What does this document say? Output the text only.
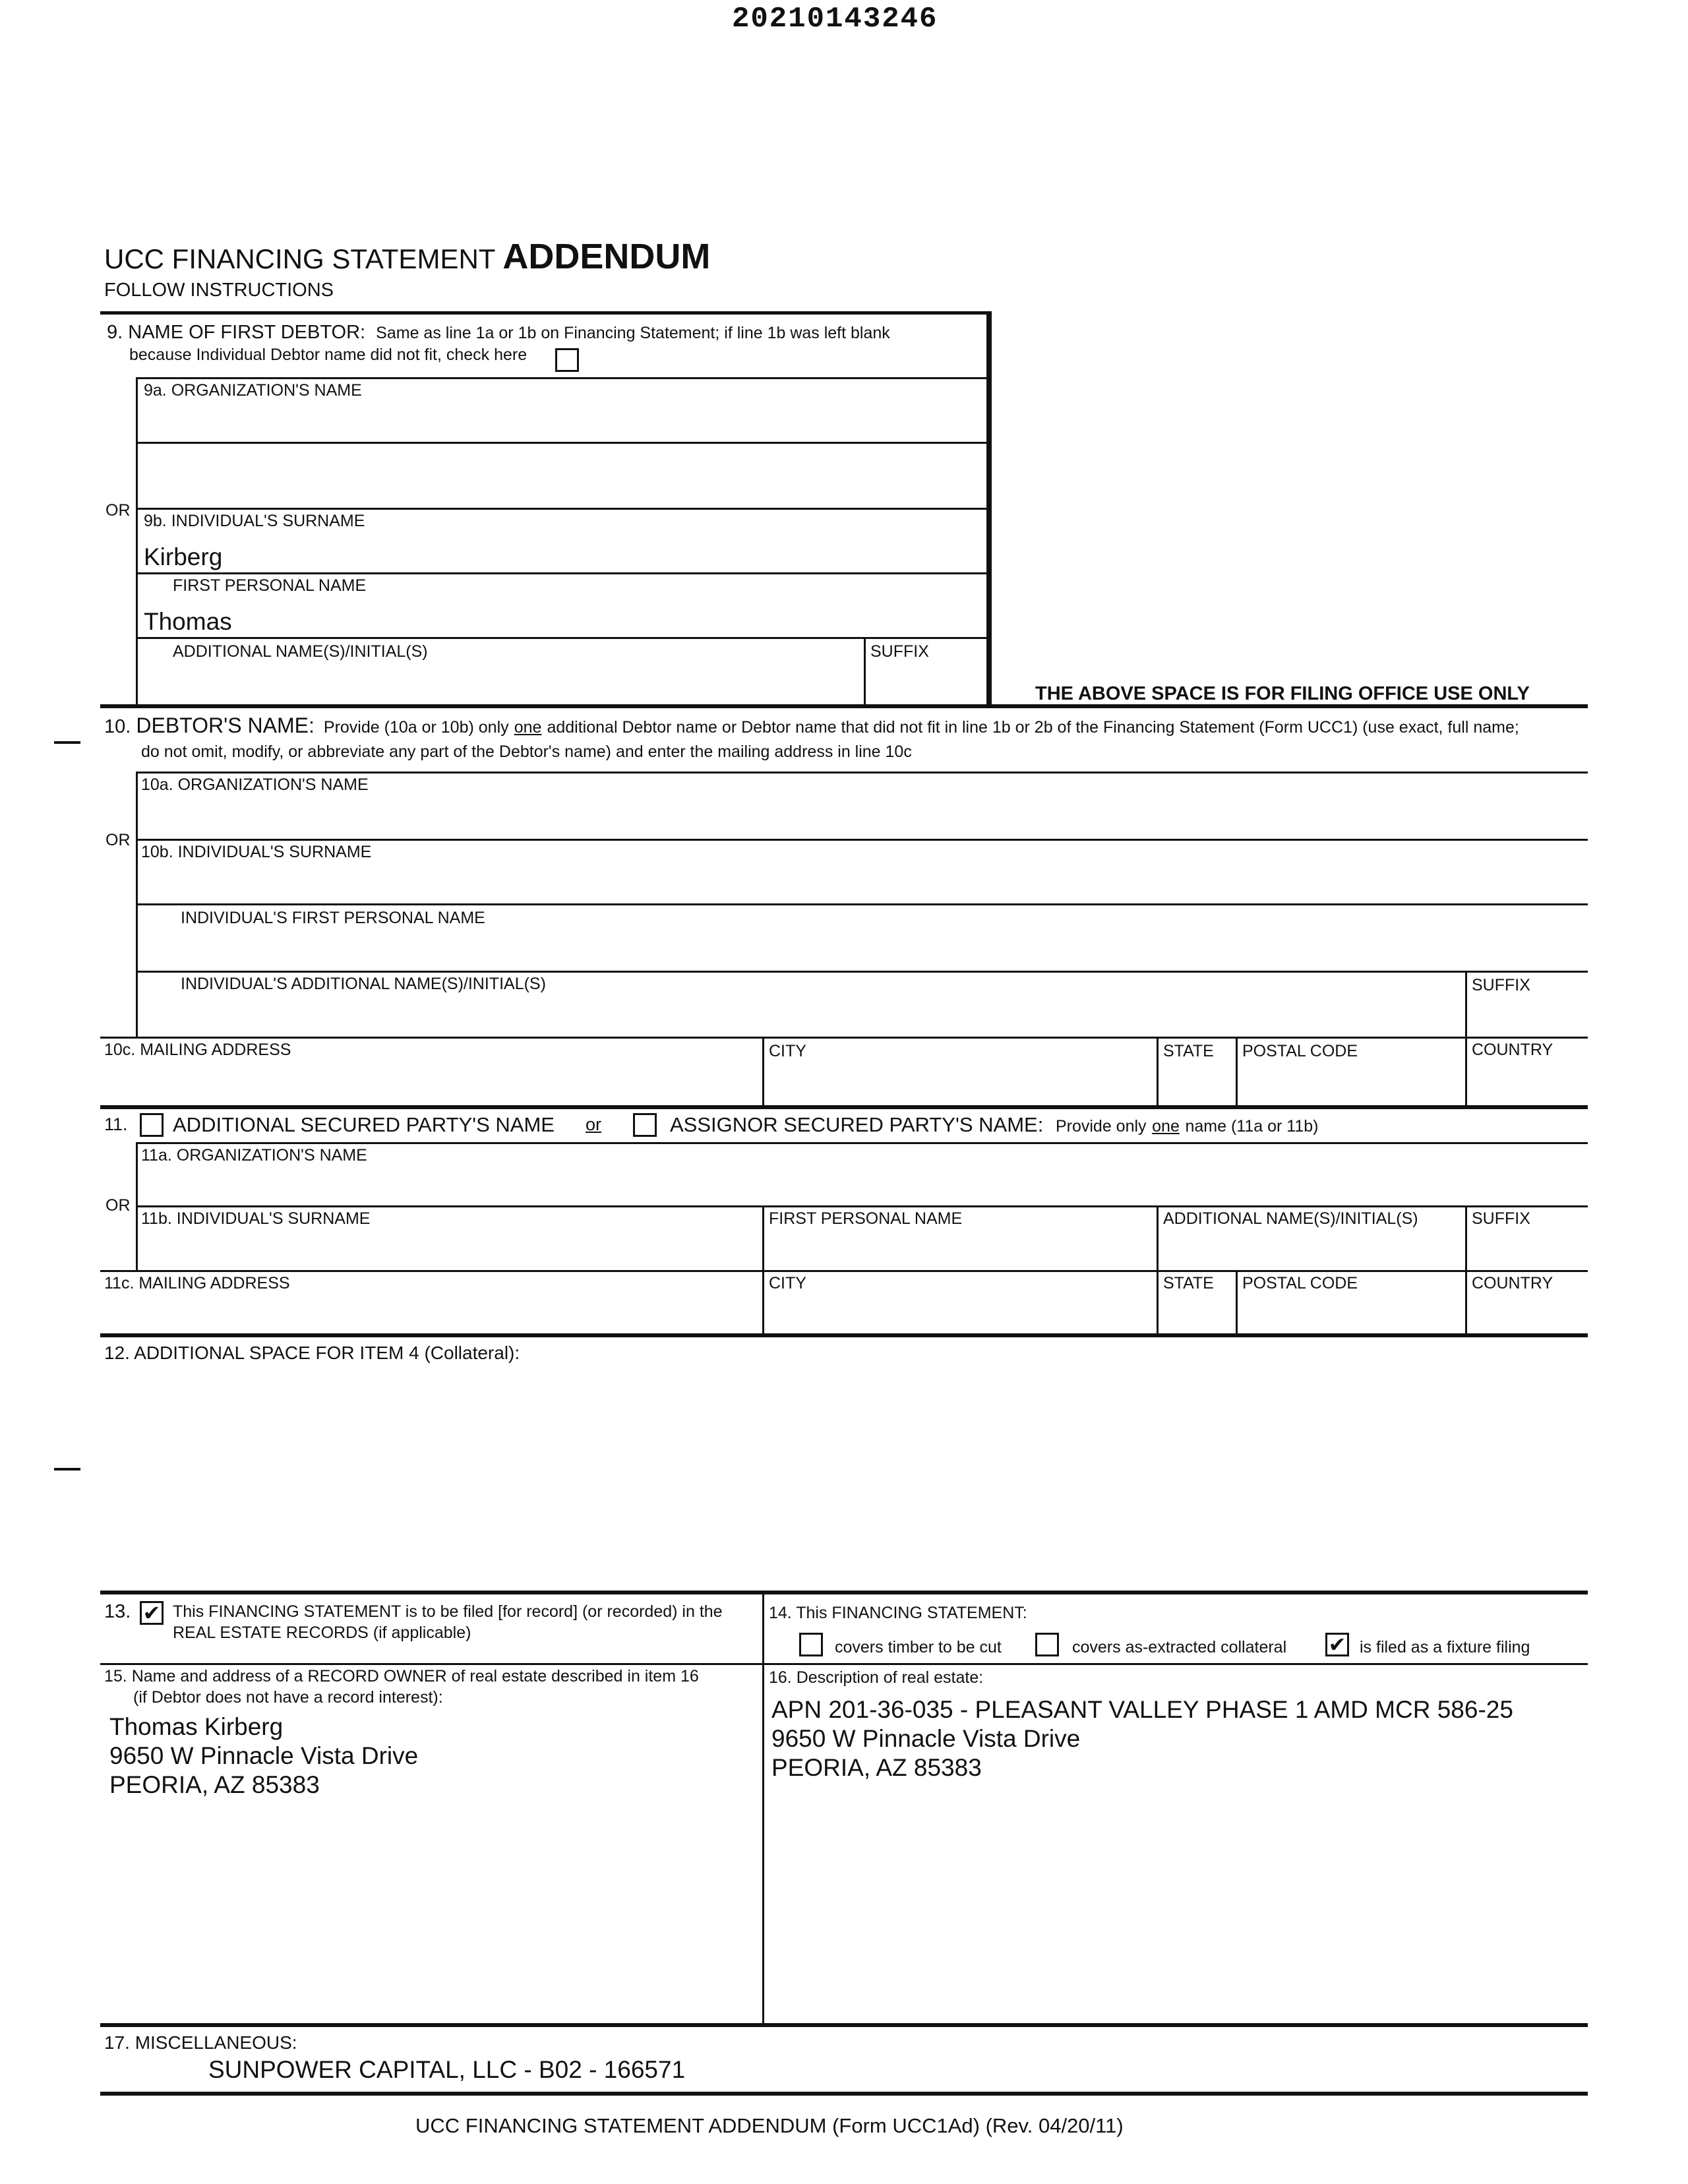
20210143246
UCC FINANCING STATEMENT ADDENDUM
FOLLOW INSTRUCTIONS
9. NAME OF FIRST DEBTOR: Same as line 1a or 1b on Financing Statement; if line 1b was left blank
because Individual Debtor name did not fit, check here
9a. ORGANIZATION'S NAME
OR
9b. INDIVIDUAL'S SURNAME
Kirberg
FIRST PERSONAL NAME
Thomas
ADDITIONAL NAME(S)/INITIAL(S)	SUFFIX
THE ABOVE SPACE IS FOR FILING OFFICE USE ONLY
10. DEBTOR'S NAME: Provide (10a or 10b) only one additional Debtor name or Debtor name that did not fit in line 1b or 2b of the Financing Statement (Form UCC1) (use exact, full name;
do not omit, modify, or abbreviate any part of the Debtor's name) and enter the mailing address in line 10c
10a. ORGANIZATION'S NAME
OR
10b. INDIVIDUAL'S SURNAME
INDIVIDUAL'S FIRST PERSONAL NAME
INDIVIDUAL'S ADDITIONAL NAME(S)/INITIAL(S)	SUFFIX
10c. MAILING ADDRESS	CITY	STATE POSTAL CODE	COUNTRY
11. ADDITIONAL SECURED PARTY'S NAME or	ASSIGNOR SECURED PARTY'S NAME: Provide only one name (11a or 11b)
11a. ORGANIZATION'S NAME
OR
11b. INDIVIDUAL'S SURNAME	FIRST PERSONAL NAME	ADDITIONAL NAME(S)/INITIAL(S)	SUFFIX
11c. MAILING ADDRESS	CITY	STATE POSTAL CODE	COUNTRY
12. ADDITIONAL SPACE FOR ITEM 4 (Collateral):
13. ✔ This FINANCING STATEMENT is to be filed [for record] (or recorded) in the
REAL ESTATE RECORDS (if applicable)
14. This FINANCING STATEMENT:
covers timber to be cut	covers as-extracted collateral ✔ is filed as a fixture filing
15. Name and address of a RECORD OWNER of real estate described in item 16
(if Debtor does not have a record interest):
Thomas Kirberg
9650 W Pinnacle Vista Drive
PEORIA, AZ 85383
16. Description of real estate:
APN 201-36-035 - PLEASANT VALLEY PHASE 1 AMD MCR 586-25
9650 W Pinnacle Vista Drive
PEORIA, AZ 85383
17. MISCELLANEOUS:
SUNPOWER CAPITAL, LLC - B02 - 166571
UCC FINANCING STATEMENT ADDENDUM (Form UCC1Ad) (Rev. 04/20/11)
